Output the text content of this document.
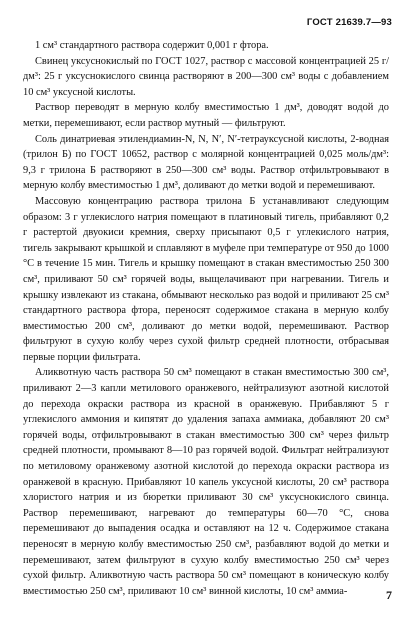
ГОСТ 21639.7—93

1 см³ стандартного раствора содержит 0,001 г фтора.

Свинец уксуснокислый по ГОСТ 1027, раствор с массовой концентрацией 25 г/дм³: 25 г уксуснокислого свинца растворяют в 200—300 см³ воды с добавлением 10 см³ уксусной кислоты.

Раствор переводят в мерную колбу вместимостью 1 дм³, доводят водой до метки, перемешивают, если раствор мутный — фильтруют.

Соль динатриевая этилендиамин-N, N, N′, N′-тетрауксусной кислоты, 2-водная (трилон Б) по ГОСТ 10652, раствор с молярной концентрацией 0,025 моль/дм³: 9,3 г трилона Б растворяют в 250—300 см³ воды. Раствор отфильтровывают в мерную колбу вместимостью 1 дм³, доливают до метки водой и перемешивают.

Массовую концентрацию раствора трилона Б устанавливают следующим образом: 3 г углекислого натрия помещают в платиновый тигель, прибавляют 0,2 г растертой двуокиси кремния, сверху присыпают 0,5 г углекислого натрия, тигель закрывают крышкой и сплавляют в муфеле при температуре от 950 до 1000 °С в течение 15 мин. Тигель и крышку помещают в стакан вместимостью 250 300 см³, приливают 50 см³ горячей воды, выщелачивают при нагревании. Тигель и крышку извлекают из стакана, обмывают несколько раз водой и приливают 25 см³ стандартного раствора фтора, переносят содержимое стакана в мерную колбу вместимостью 200 см³, доливают до метки водой, перемешивают. Раствор фильтруют в сухую колбу через сухой фильтр средней плотности, отбрасывая первые порции фильтрата.

Аликвотную часть раствора 50 см³ помещают в стакан вместимостью 300 см³, приливают 2—3 капли метилового оранжевого, нейтрализуют азотной кислотой до перехода окраски раствора из красной в оранжевую. Прибавляют 5 г углекислого аммония и кипятят до удаления запаха аммиака, добавляют 20 см³ горячей воды, отфильтровывают в стакан вместимостью 300 см³ через фильтр средней плотности, промывают 8—10 раз горячей водой. Фильтрат нейтрализуют по метиловому оранжевому азотной кислотой до перехода окраски раствора из оранжевой в красную. Прибавляют 10 капель уксусной кислоты, 20 см³ раствора хлористого натрия и из бюретки приливают 30 см³ уксуснокислого свинца. Раствор перемешивают, нагревают до температуры 60—70 °С, снова перемешивают до выпадения осадка и оставляют на 12 ч. Содержимое стакана переносят в мерную колбу вместимостью 250 см³, разбавляют водой до метки и перемешивают, затем фильтруют в сухую колбу вместимостью 250 см³ через сухой фильтр. Аликвотную часть раствора 50 см³ помещают в коническую колбу вместимостью 250 см³, приливают 10 см³ винной кислоты, 10 см³ аммиа-	7
